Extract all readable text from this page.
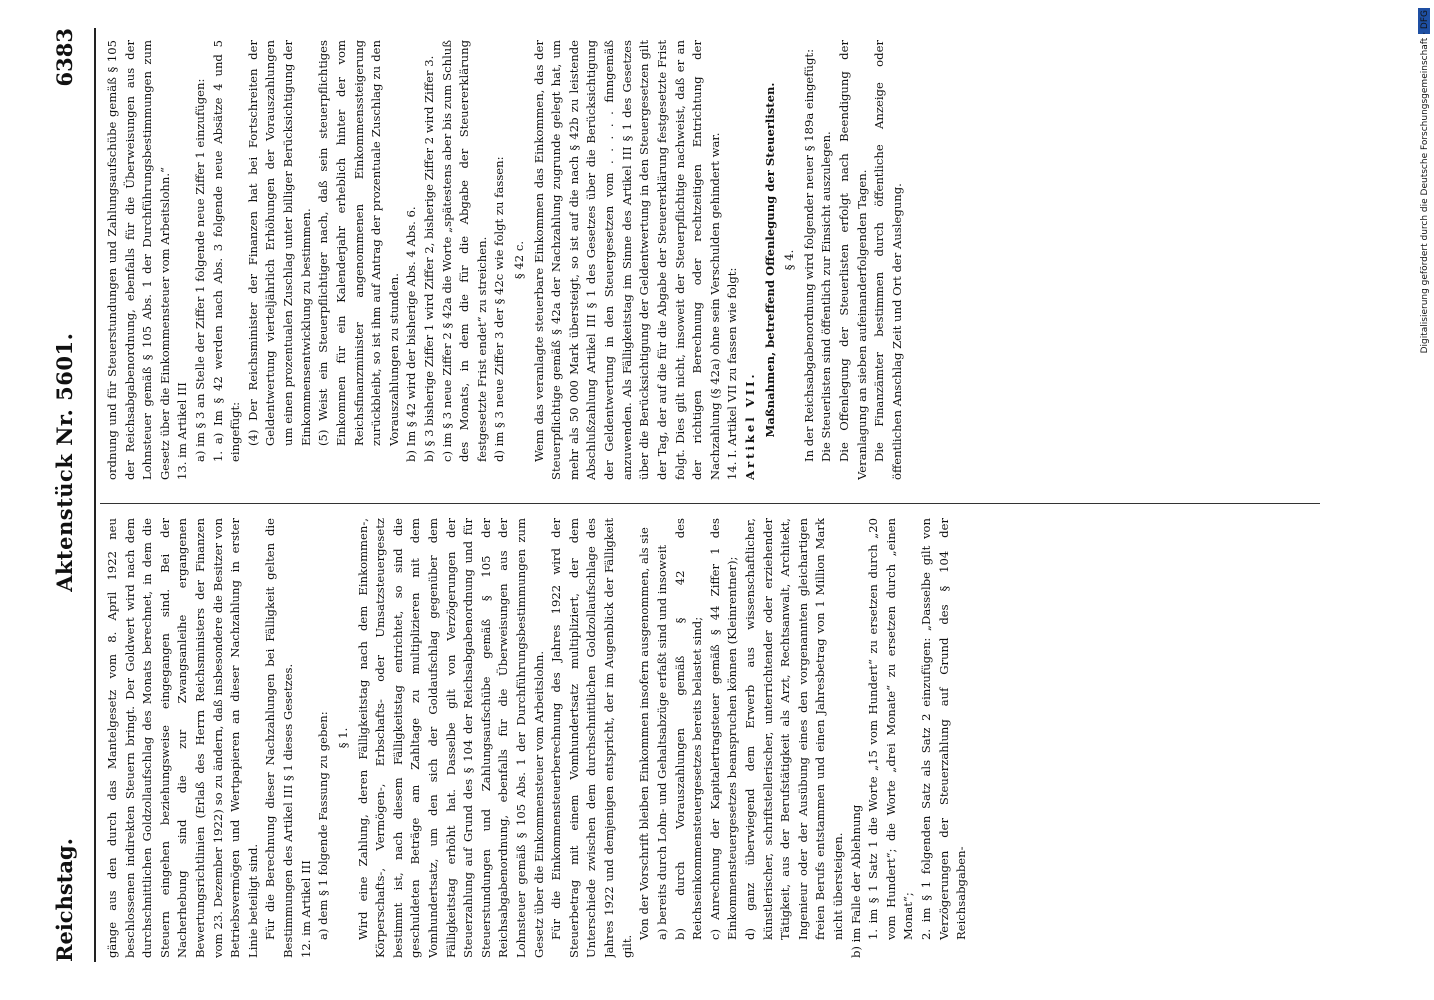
Reichstag.
Aktenstück Nr. 5601.
6383

gänge aus den durch das Mantelgesetz vom 8. April 1922 neu beschlossenen indirekten Steuern bringt. Der Goldwert wird nach dem durchschnittlichen Goldzollaufschlag des Monats berechnet, in dem die Steuern eingehen beziehungsweise eingegangen sind. Bei der Nacherhebung sind die zur Zwangsanleihe ergangenen Bewertungsrichtlinien (Erlaß des Herrn Reichsministers der Finanzen vom 23. Dezember 1922) so zu ändern, daß insbesondere die Besitzer von Betriebsvermögen und Wertpapieren an dieser Nachzahlung in erster Linie beteiligt sind. Für die Berechnung dieser Nachzahlungen bei Fälligkeit gelten die Bestimmungen des Artikel III § 1 dieses Gesetzes. 12. im Artikel III a) dem § 1 folgende Fassung zu geben: § 1. Wird eine Zahlung, deren Fälligkeitstag nach dem Einkommen-, Körperschafts-, Vermögen-, Erbschafts- oder Umsatzsteuergesetz bestimmt ist, nach diesem Fälligkeitstag entrichtet, so sind die geschuldeten Beträge am Zahltage zu multiplizieren mit dem Vomhundertsatz, um den sich der Goldaufschlag gegenüber dem Fälligkeitstag erhöht hat. Dasselbe gilt von Verzögerungen der Steuerzahlung auf Grund des § 104 der Reichsabgabenordnung und für Steuerstundungen und Zahlungsaufschübe gemäß § 105 der Reichsabgabenordnung, ebenfalls für die Überweisungen aus der Lohnsteuer gemäß § 105 Abs. 1 der Durchführungsbestimmungen zum Gesetz über die Einkommensteuer vom Arbeitslohn. Für die Einkommensteuerberechnung des Jahres 1922 wird der Steuerbetrag mit einem Vomhundertsatz multipliziert, der dem Unterschiede zwischen dem durchschnittlichen Goldzollaufschlage des Jahres 1922 und demjenigen entspricht, der im Augenblick der Fälligkeit gilt.

Von der Vorschrift bleiben Einkommen insofern ausgenommen, als sie a) bereits durch Lohn- und Gehaltsabzüge erfaßt sind und insoweit b) durch Vorauszahlungen gemäß § 42 des Reichseinkommensteuergesetzes bereits belastet sind; c) Anrechnung der Kapitalertragsteuer gemäß § 44 Ziffer 1 des Einkommensteuergesetzes beanspruchen können (Kleinrentner); d) ganz überwiegend dem Erwerb aus wissenschaftlicher, künstlerischer, schriftstellerischer, unterrichtender oder erziehender Tätigkeit, aus der Berufstätigkeit als Arzt, Rechtsanwalt, Architekt, Ingenieur oder der Ausübung eines den vorgenannten gleichartigen freien Berufs entstammen und einen Jahresbetrag von 1 Million Mark nicht übersteigen. b) im Falle der Ablehnung 1. im § 1 Satz 1 die Worte „15 vom Hundert“ zu ersetzen durch „20 vom Hundert“; die Worte „drei Monate“ zu ersetzen durch „einen Monat“; 2. im § 1 folgenden Satz als Satz 2 einzufügen: „Dasselbe gilt von Verzögerungen der Steuerzahlung auf Grund des § 104 der Reichsabgaben-

ordnung und für Steuerstundungen und Zahlungsaufschübe gemäß § 105 der Reichsabgabenordnung, ebenfalls für die Überweisungen aus der Lohnsteuer gemäß § 105 Abs. 1 der Durchführungsbestimmungen zum Gesetz über die Einkommensteuer vom Arbeitslohn.“ 13. im Artikel III a) im § 3 an Stelle der Ziffer 1 folgende neue Ziffer 1 einzufügen: 1. a) Im § 42 werden nach Abs. 3 folgende neue Absätze 4 und 5 eingefügt: (4) Der Reichsminister der Finanzen hat bei Fortschreiten der Geldentwertung vierteljährlich Erhöhungen der Vorauszahlungen um einen prozentualen Zuschlag unter billiger Berücksichtigung der Einkommensentwicklung zu bestimmen. (5) Weist ein Steuerpflichtiger nach, daß sein steuerpflichtiges Einkommen für ein Kalenderjahr erheblich hinter der vom Reichsfinanzminister angenommenen Einkommenssteigerung zurückbleibt, so ist ihm auf Antrag der prozentuale Zuschlag zu den Vorauszahlungen zu stunden. b) Im § 42 wird der bisherige Abs. 4 Abs. 6. b) § 3 bisherige Ziffer 1 wird Ziffer 2, bisherige Ziffer 2 wird Ziffer 3. c) im § 3 neue Ziffer 2 § 42a die Worte „spätestens aber bis zum Schluß des Monats, in dem die für die Abgabe der Steuererklärung festgesetzte Frist endet“ zu streichen. d) im § 3 neue Ziffer 3 der § 42c wie folgt zu fassen: § 42 c. Wenn das veranlagte steuerbare Einkommen das Einkommen, das der Steuerpflichtige gemäß § 42a der Nachzahlung zugrunde gelegt hat, um mehr als 50 000 Mark übersteigt, so ist auf die nach § 42b zu leistende Abschlußzahlung Artikel III § 1 des Gesetzes über die Berücksichtigung der Geldentwertung in den Steuergesetzen vom . . . . . finngemäß anzuwenden. Als Fälligkeitstag im Sinne des Artikel III § 1 des Gesetzes über die Berücksichtigung der Geldentwertung in den Steuergesetzen gilt der Tag, der auf die für die Abgabe der Steuererklärung festgesetzte Frist folgt. Dies gilt nicht, insoweit der Steuerpflichtige nachweist, daß er an der richtigen Berechnung oder rechtzeitigen Entrichtung der Nachzahlung (§ 42a) ohne sein Verschulden gehindert war. 14. I. Artikel VII zu fassen wie folgt: Artikel VII. Maßnahmen, betreffend Offenlegung der Steuerlisten. § 4. In der Reichsabgabenordnung wird folgender neuer § 189a eingefügt: Die Steuerlisten sind öffentlich zur Einsicht auszulegen. Die Offenlegung der Steuerlisten erfolgt nach Beendigung der Veranlagung an sieben aufeinanderfolgenden Tagen. Die Finanzämter bestimmen durch öffentliche Anzeige oder öffentlichen Anschlag Zeit und Ort der Auslegung.	Digitalisierung gefördert durch die Deutsche Forschungsgemeinschaft · DFG
